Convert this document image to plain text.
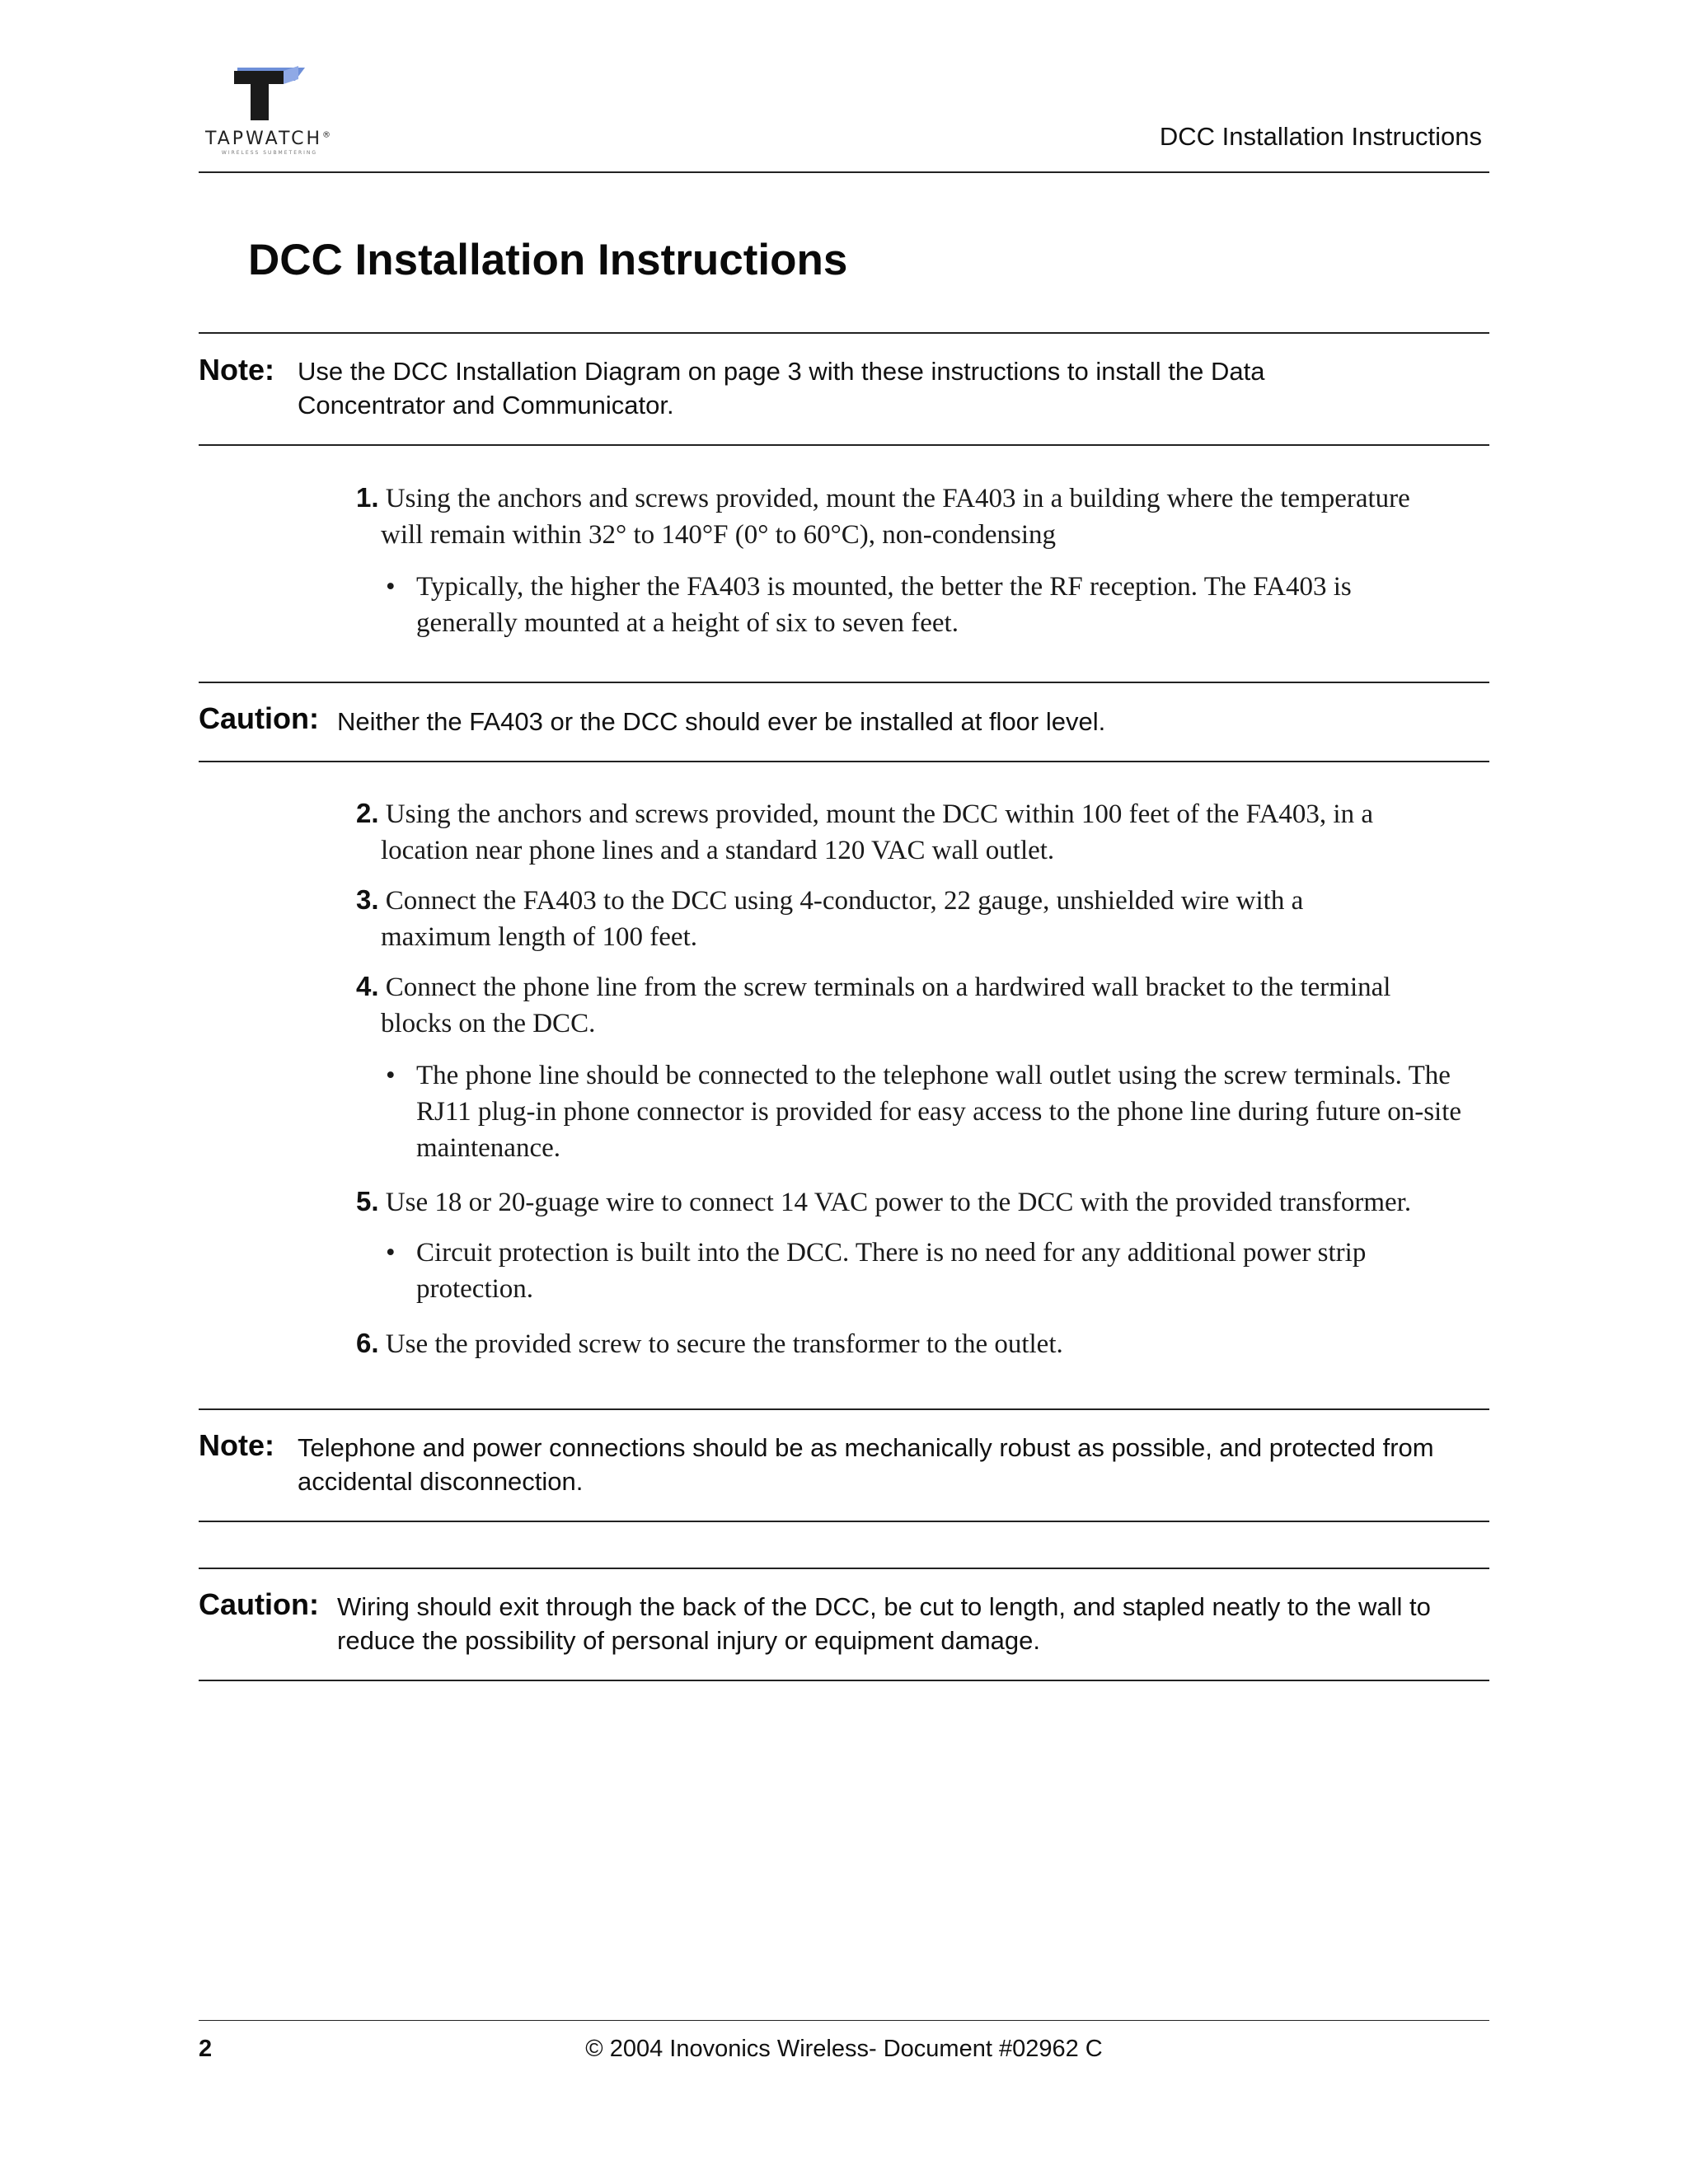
TAPWATCH®
WIRELESS SUBMETERING
DCC Installation Instructions
DCC Installation Instructions
Note: Use the DCC Installation Diagram on page 3 with these instructions to install the Data Concentrator and Communicator.
1. Using the anchors and screws provided, mount the FA403 in a building where the temperature
will remain within 32° to 140°F (0° to 60°C), non-condensing
• Typically, the higher the FA403 is mounted, the better the RF reception. The FA403 is generally mounted at a height of six to seven feet.
Caution: Neither the FA403 or the DCC should ever be installed at floor level.
2. Using the anchors and screws provided, mount the DCC within 100 feet of the FA403, in a
location near phone lines and a standard 120 VAC wall outlet.
3. Connect the FA403 to the DCC using 4-conductor, 22 gauge, unshielded wire with a
maximum length of 100 feet.
4. Connect the phone line from the screw terminals on a hardwired wall bracket to the terminal
blocks on the DCC.
• The phone line should be connected to the telephone wall outlet using the screw terminals. The RJ11 plug-in phone connector is provided for easy access to the phone line during future on-site maintenance.
5. Use 18 or 20-guage wire to connect 14 VAC power to the DCC with the provided transformer.
• Circuit protection is built into the DCC. There is no need for any additional power strip protection.
6. Use the provided screw to secure the transformer to the outlet.
Note: Telephone and power connections should be as mechanically robust as possible, and protected from accidental disconnection.
Caution: Wiring should exit through the back of the DCC, be cut to length, and stapled neatly to the wall to reduce the possibility of personal injury or equipment damage.
© 2004 Inovonics Wireless- Document #02962 C
2
